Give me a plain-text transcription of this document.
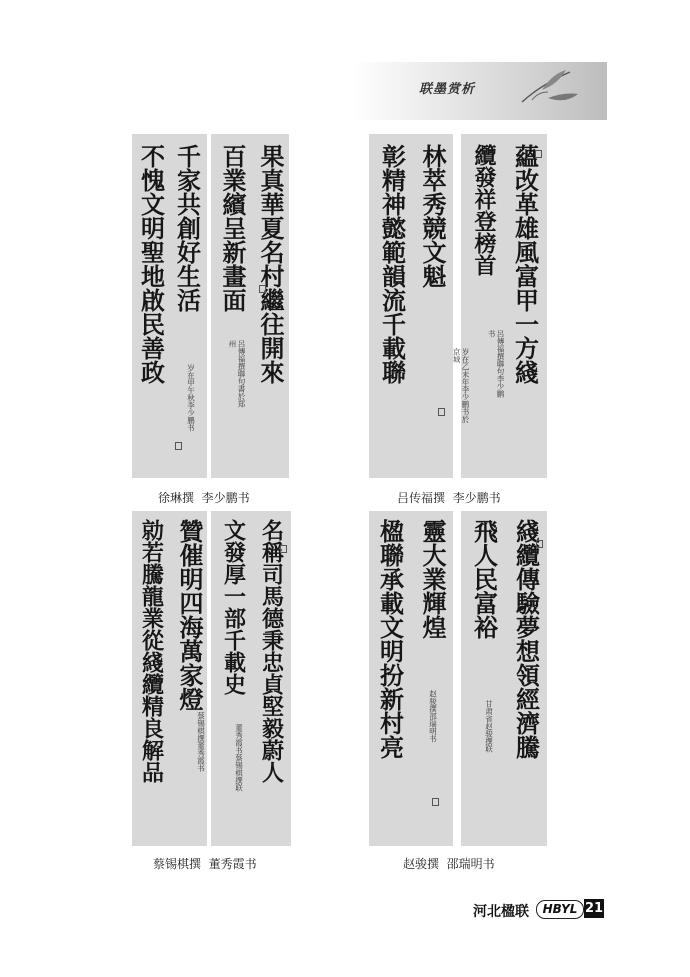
联墨赏析
千家共創好生活
不愧文明聖地啟民善政	果真華夏名村繼往開來
百業繽呈新畫面
岁在甲午秋李少鹏书	呂傳福撰聯句書於郑州
徐琳撰  李少鹏书
林萃秀競文魁
彰精神懿範韻流千載聯	蘊改革雄風富甲一方綫
纜發祥登榜首
岁在乙未年李少鹏书於京城	呂傳福撰聯句李少鹏书
吕传福撰  李少鹏书
贊催明四海萬家燈
勍若騰龍業從綫纜精良解品	名稱司馬德秉忠貞堅毅蔚人
文發厚一部千載史
蔡锡棋撰董秀霞书	董秀霞书蔡锡棋撰联
蔡锡棋撰  董秀霞书
靈大業輝煌
楹聯承載文明扮新村亮	綫纜傳驗夢想領經濟騰
飛人民富裕
赵骏撰邵瑞明书	甘肃省赵骏撰联
赵骏撰  邵瑞明书
河北楹联	HBYL 21
